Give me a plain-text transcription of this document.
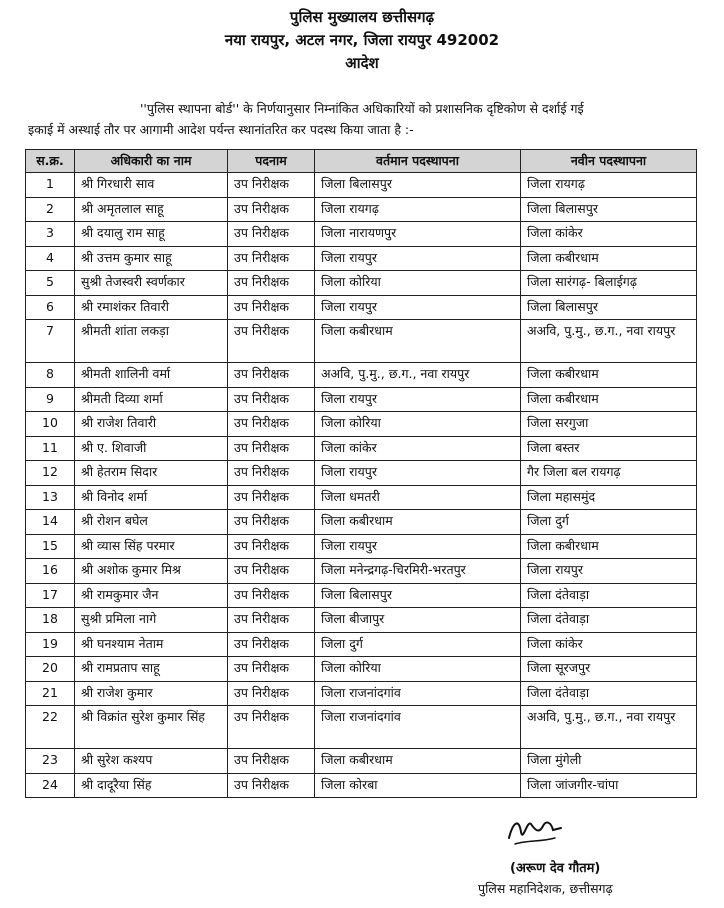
पुलिस मुख्यालय छत्तीसगढ़
नया रायपुर, अटल नगर, जिला रायपुर 492002
आदेश
''पुलिस स्थापना बोर्ड'' के निर्णयानुसार निम्नांकित अधिकारियों को प्रशासनिक दृष्टिकोण से दर्शाई गई
इकाई में अस्थाई तौर पर आगामी आदेश पर्यन्त स्थानांतरित कर पदस्थ किया जाता है :-
स.क्र.	अधिकारी का नाम	पदनाम	वर्तमान पदस्थापना	नवीन पदस्थापना
1	श्री गिरधारी साव	उप निरीक्षक	जिला बिलासपुर	जिला रायगढ़
2	श्री अमृतलाल साहू	उप निरीक्षक	जिला रायगढ़	जिला बिलासपुर
3	श्री दयालु राम साहू	उप निरीक्षक	जिला नारायणपुर	जिला कांकेर
4	श्री उत्तम कुमार साहू	उप निरीक्षक	जिला रायपुर	जिला कबीरधाम
5	सुश्री तेजस्वरी स्वर्णकार	उप निरीक्षक	जिला कोरिया	जिला सारंगढ़- बिलाईगढ़
6	श्री रमाशंकर तिवारी	उप निरीक्षक	जिला रायपुर	जिला बिलासपुर
7	श्रीमती शांता लकड़ा	उप निरीक्षक	जिला कबीरधाम	अअवि, पु.मु., छ.ग., नवा रायपुर
8	श्रीमती शालिनी वर्मा	उप निरीक्षक	अअवि, पु.मु., छ.ग., नवा रायपुर	जिला कबीरधाम
9	श्रीमती दिव्या शर्मा	उप निरीक्षक	जिला रायपुर	जिला कबीरधाम
10	श्री राजेश तिवारी	उप निरीक्षक	जिला कोरिया	जिला सरगुजा
11	श्री ए. शिवाजी	उप निरीक्षक	जिला कांकेर	जिला बस्तर
12	श्री हेतराम सिदार	उप निरीक्षक	जिला रायपुर	गैर जिला बल रायगढ़
13	श्री विनोद शर्मा	उप निरीक्षक	जिला धमतरी	जिला महासमुंद
14	श्री रोशन बघेल	उप निरीक्षक	जिला कबीरधाम	जिला दुर्ग
15	श्री व्यास सिंह परमार	उप निरीक्षक	जिला रायपुर	जिला कबीरधाम
16	श्री अशोक कुमार मिश्र	उप निरीक्षक	जिला मनेन्द्रगढ़-चिरमिरी-भरतपुर	जिला रायपुर
17	श्री रामकुमार जैन	उप निरीक्षक	जिला बिलासपुर	जिला दंतेवाड़ा
18	सुश्री प्रमिला नागे	उप निरीक्षक	जिला बीजापुर	जिला दंतेवाड़ा
19	श्री घनश्याम नेताम	उप निरीक्षक	जिला दुर्ग	जिला कांकेर
20	श्री रामप्रताप साहू	उप निरीक्षक	जिला कोरिया	जिला सूरजपुर
21	श्री राजेश कुमार	उप निरीक्षक	जिला राजनांदगांव	जिला दंतेवाड़ा
22	श्री विक्रांत सुरेश कुमार सिंह	उप निरीक्षक	जिला राजनांदगांव	अअवि, पु.मु., छ.ग., नवा रायपुर
23	श्री सुरेश कश्यप	उप निरीक्षक	जिला कबीरधाम	जिला मुंगेली
24	श्री दादूरैया सिंह	उप निरीक्षक	जिला कोरबा	जिला जांजगीर-चांपा
(अरूण देव गौतम)
पुलिस महानिदेशक, छत्तीसगढ़
